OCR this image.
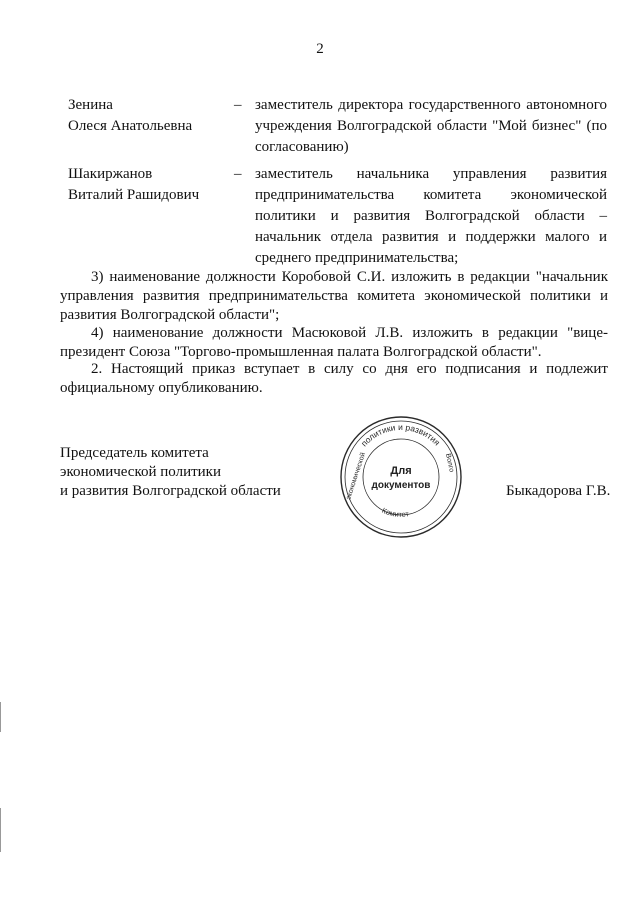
2
Зенина
Олеся Анатольевна
– заместитель директора государственного автономного учреждения Волгоградской области "Мой бизнес" (по согласованию)
Шакиржанов
Виталий Рашидович
– заместитель начальника управления развития предпринимательства комитета экономической политики и развития Волгоградской области – начальник отдела развития и поддержки малого и среднего предпринимательства;
3) наименование должности Коробовой С.И. изложить в редакции "начальник управления развития предпринимательства комитета экономической политики и развития Волгоградской области";
4) наименование должности Масюковой Л.В. изложить в редакции "вице-президент Союза "Торгово-промышленная палата Волгоградской области".
2. Настоящий приказ вступает в силу со дня его подписания и подлежит официальному опубликованию.
Председатель комитета
экономической политики
и развития Волгоградской области
политики и развития
экономической	Волго
Комитет
Для
документов	Быкадорова Г.В.
